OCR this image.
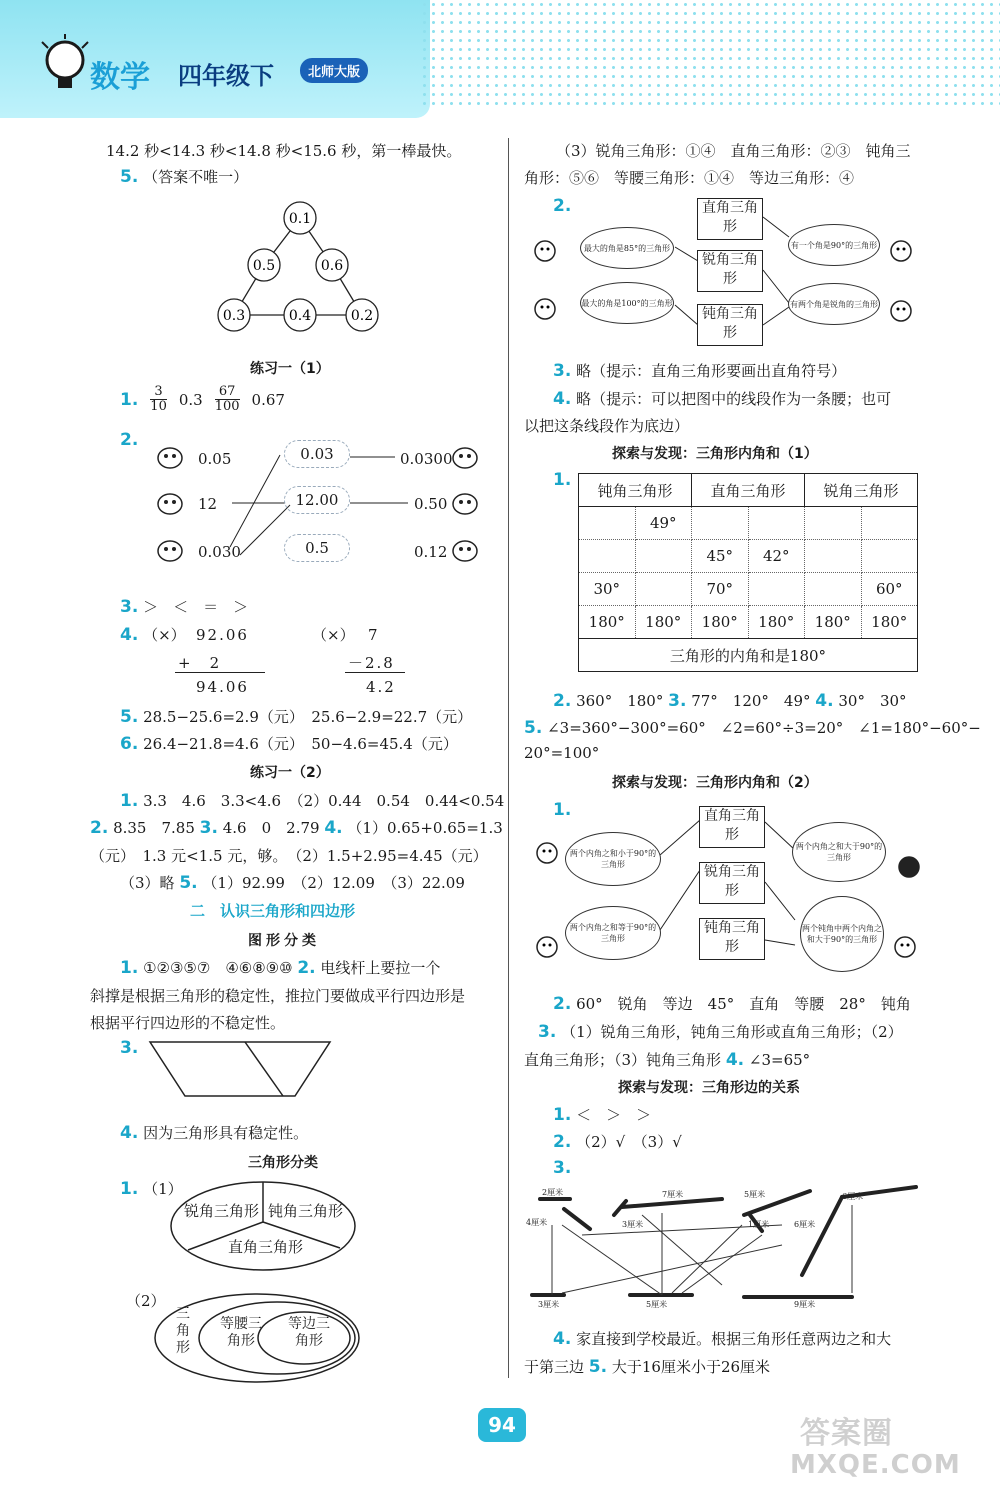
数学 四年级下	北师大版
14.2 秒<14.3 秒<14.8 秒<15.6 秒，第一棒最快。
5. （答案不唯一）
0.1
0.5	0.6
0.3	0.4	0.2
练习一（1）
1. $\frac{3}{10} 0.3 \frac{67}{100} 0.67$
2.
0.05
12
0.030
0.03
12.00
0.5
0.0300
0.50
0.12
3. ＞　＜　＝　＞
4. （×） 92.06
+　2
94.06
（×） 7
－2.8
4.2
5. 28.5−25.6=2.9（元）　25.6−2.9=22.7（元）
6. 26.4−21.8=4.6（元）　50−4.6=45.4（元）
练习一（2）
1. 3.3　4.6　3.3<4.6　（2）0.44　0.54　0.44<0.54
2. 8.35　7.85 3. 4.6　0　2.79 4. （1）0.65+0.65=1.3
（元）　1.3 元<1.5 元，够。　（2）1.5+2.95=4.45（元）
（3）略 5. （1）92.99　（2）12.09　（3）22.09
二　认识三角形和四边形
图形分类
1. ①②③⑤⑦　④⑥⑧⑨⑩ 2. 电线杆上要拉一个
斜撑是根据三角形的稳定性，推拉门要做成平行四边形是
根据平行四边形的不稳定性。
3.
4. 因为三角形具有稳定性。
三角形分类
1. （1）
锐角三角形 钝角三角形
直角三角形
（2）
三角形
等腰三角形
等边三角形
（3）锐角三角形：①④　直角三角形：②③　钝角三
角形：⑤⑥　等腰三角形：①④　等边三角形：④
2.	直角三角形
锐角三角形
钝角三角形
最大的角是85°的三角形
最大的角是100°的三角形
有一个角是90°的三角形
有两个角是锐角的三角形
3. 略（提示：直角三角形要画出直角符号）
4. 略（提示：可以把图中的线段作为一条腰；也可
以把这条线段作为底边）
探索与发现：三角形内角和（1）
1.
钝角三角形		直角三角形		锐角三角形	
	49°				
		45°	42°		
30°		70°			60°
180°	180°	180°	180°	180°	180°
三角形的内角和是180°					
2. 360°　180° 3. 77°　120°　49° 4. 30°　30°
5. ∠3=360°−300°=60°　∠2=60°÷3=20°　∠1=180°−60°−
20°=100°
探索与发现：三角形内角和（2）
1.	直角三角形
锐角三角形
钝角三角形
两个内角之和小于90°的三角形
两个内角之和等于90°的三角形
两个内角之和大于90°的三角形
两个钝角中两个内角之和大于90°的三角形
2. 60°　锐角　等边　45°　直角　等腰　28°　钝角
3. （1）锐角三角形，钝角三角形或直角三角形；（2）
直角三角形；（3）钝角三角形 4. ∠3=65°
探索与发现：三角形边的关系
1. ＜　＞　＞
2. （2）√　（3）√
3.
2厘米	7厘米	5厘米	6厘米
4厘米	3厘米	1厘米	6厘米
3厘米	5厘米	9厘米
4. 家直接到学校最近。根据三角形任意两边之和大
于第三边 5. 大于16厘米小于26厘米
94	答案圈
MXQE.COM
